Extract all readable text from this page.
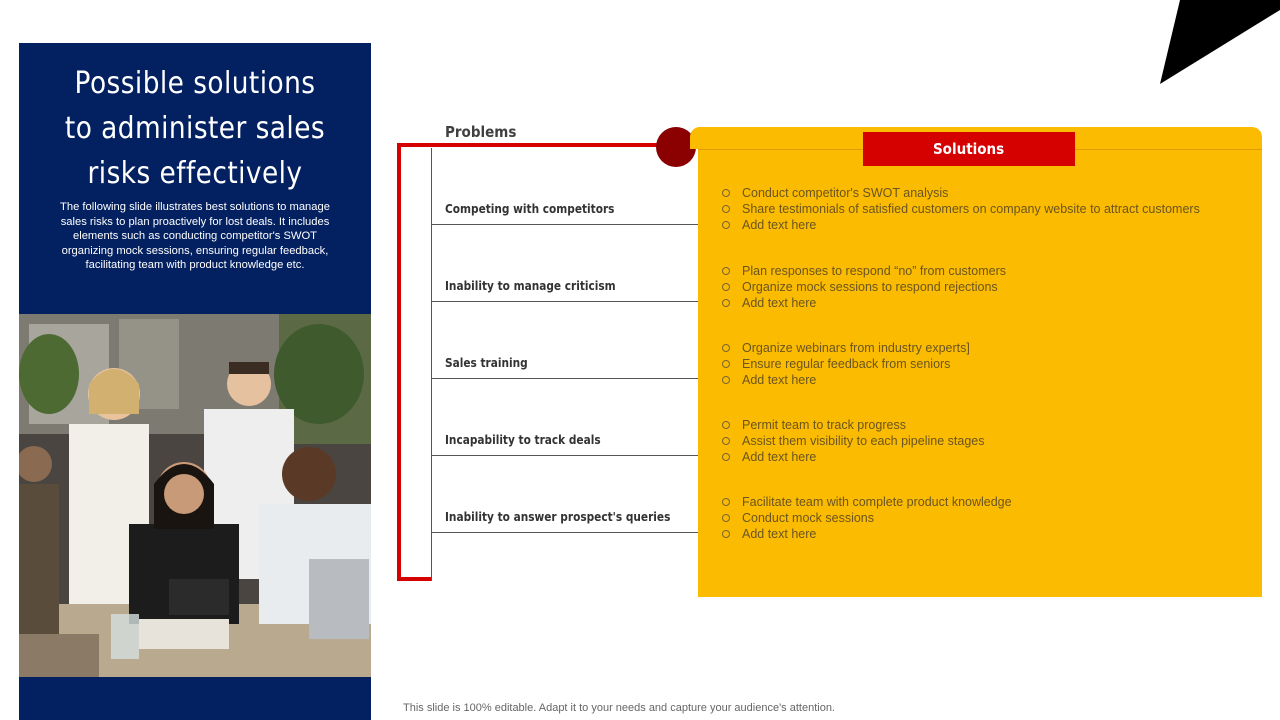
Possible solutions
to administer sales
risks effectively
The following slide illustrates best solutions to manage
sales risks to plan proactively for lost deals. It includes
elements such as conducting competitor's SWOT
organizing mock sessions, ensuring regular feedback,
facilitating team with product knowledge etc.
Problems
Competing with competitors
Inability to manage criticism
Sales training
Incapability to track deals
Inability to answer prospect's queries
Solutions
Conduct competitor's SWOT analysis
Share testimonials of satisfied customers on company website to attract customers
Add text here
Plan responses to respond “no” from customers
Organize mock sessions to respond rejections
Add text here
Organize webinars from industry experts]
Ensure regular feedback from seniors
Add text here
Permit team to track progress
Assist them visibility to each pipeline stages
Add text here
Facilitate team with complete product knowledge
Conduct mock sessions
Add text here
This slide is 100% editable. Adapt it to your needs and capture your audience's attention.
